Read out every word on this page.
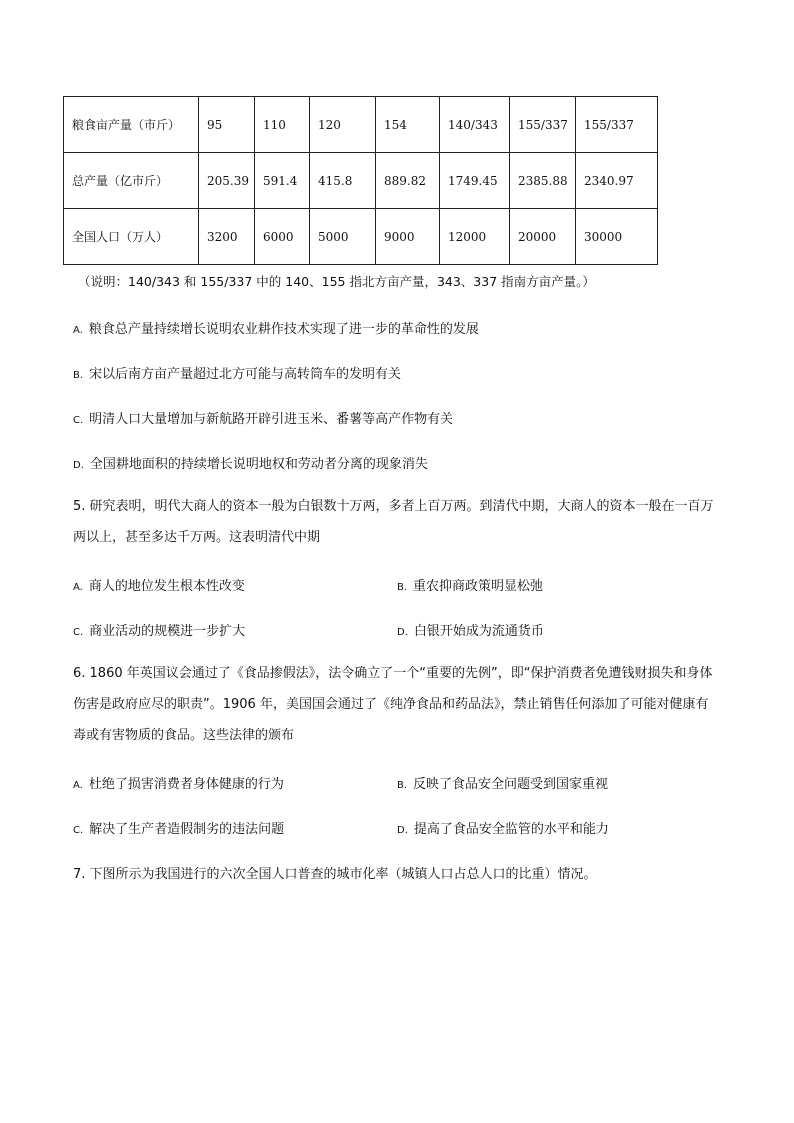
粮食亩产量（市斤）	95	110	120	154	140/343	155/337	155/337
总产量（亿市斤）	205.39	591.4	415.8	889.82	1749.45	2385.88	2340.97
全国人口（万人）	3200	6000	5000	9000	12000	20000	30000
（说明：140/343 和 155/337 中的 140、155 指北方亩产量，343、337 指南方亩产量。）
A. 粮食总产量持续增长说明农业耕作技术实现了进一步的革命性的发展
B. 宋以后南方亩产量超过北方可能与高转筒车的发明有关
C. 明清人口大量增加与新航路开辟引进玉米、番薯等高产作物有关
D. 全国耕地面积的持续增长说明地权和劳动者分离的现象消失
5. 研究表明，明代大商人的资本一般为白银数十万两，多者上百万两。到清代中期，大商人的资本一般在一百万两以上，甚至多达千万两。这表明清代中期
A. 商人的地位发生根本性改变	B. 重农抑商政策明显松弛
C. 商业活动的规模进一步扩大	D. 白银开始成为流通货币
6. 1860 年英国议会通过了《食品掺假法》，法令确立了一个“重要的先例”，即“保护消费者免遭钱财损失和身体伤害是政府应尽的职责”。1906 年，美国国会通过了《纯净食品和药品法》，禁止销售任何添加了可能对健康有毒或有害物质的食品。这些法律的颁布
A. 杜绝了损害消费者身体健康的行为	B. 反映了食品安全问题受到国家重视
C. 解决了生产者造假制劣的违法问题	D. 提高了食品安全监管的水平和能力
7. 下图所示为我国进行的六次全国人口普查的城市化率（城镇人口占总人口的比重）情况。
